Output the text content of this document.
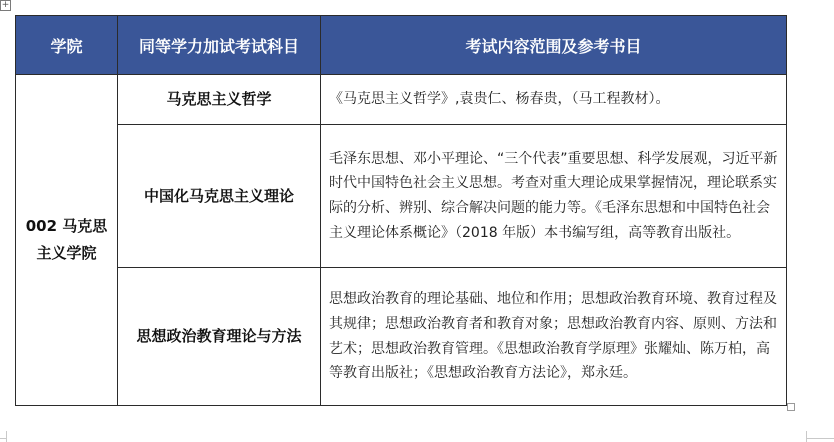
+
学院	同等学力加试考试科目	考试内容范围及参考书目
002 马克思主义学院	马克思主义哲学	《马克思主义哲学》,袁贵仁、杨春贵，（马工程教材）。
	中国化马克思主义理论	毛泽东思想、邓小平理论、“三个代表”重要思想、科学发展观，习近平新时代中国特色社会主义思想。考查对重大理论成果掌握情况，理论联系实际的分析、辨别、综合解决问题的能力等。《毛泽东思想和中国特色社会主义理论体系概论》（2018 年版）本书编写组，高等教育出版社。
	思想政治教育理论与方法	思想政治教育的理论基础、地位和作用；思想政治教育环境、教育过程及其规律；思想政治教育者和教育对象；思想政治教育内容、原则、方法和艺术；思想政治教育管理。《思想政治教育学原理》张耀灿、陈万柏，高等教育出版社；《思想政治教育方法论》，郑永廷。
